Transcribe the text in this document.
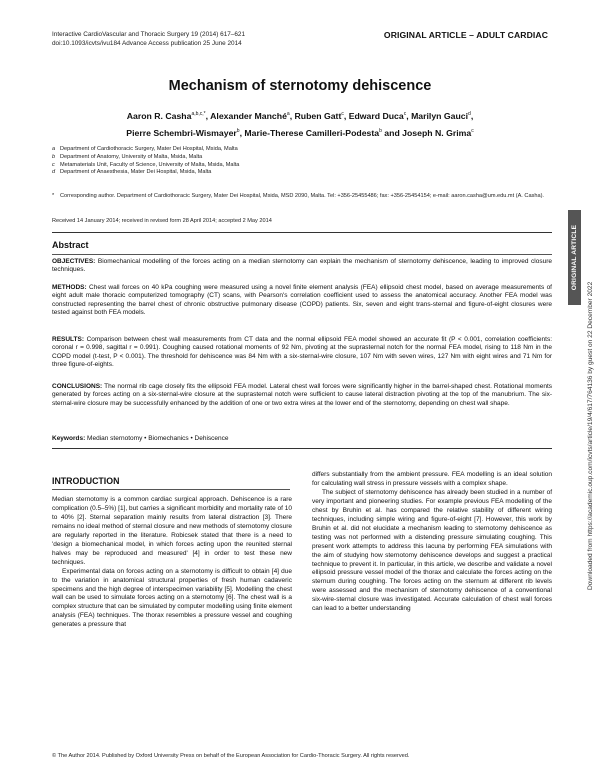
Interactive CardioVascular and Thoracic Surgery 19 (2014) 617–621
doi:10.1093/icvts/ivu184 Advance Access publication 25 June 2014
ORIGINAL ARTICLE – ADULT CARDIAC
Mechanism of sternotomy dehiscence
Aaron R. Casha$^{a,b,c,*}$, Alexander Manché$^a$, Ruben Gatt$^c$, Edward Duca$^c$, Marilyn Gauci$^d$,
Pierre Schembri-Wismayer$^b$, Marie-Therese Camilleri-Podesta$^b$ and Joseph N. Grima$^c$
a Department of Cardiothoracic Surgery, Mater Dei Hospital, Msida, Malta
b Department of Anatomy, University of Malta, Msida, Malta
c Metamaterials Unit, Faculty of Science, University of Malta, Msida, Malta
d Department of Anaesthesia, Mater Dei Hospital, Msida, Malta
*	Corresponding author. Department of Cardiothoracic Surgery, Mater Dei Hospital, Msida, MSD 2090, Malta. Tel: +356-25455486; fax: +356-25454154; e-mail: aaron.casha@um.edu.mt (A. Casha).
Received 14 January 2014; received in revised form 28 April 2014; accepted 2 May 2014
Abstract
OBJECTIVES: Biomechanical modelling of the forces acting on a median sternotomy can explain the mechanism of sternotomy dehiscence, leading to improved closure techniques.
METHODS: Chest wall forces on 40 kPa coughing were measured using a novel finite element analysis (FEA) ellipsoid chest model, based on average measurements of eight adult male thoracic computerized tomography (CT) scans, with Pearson's correlation coefficient used to assess the anatomical accuracy. Another FEA model was constructed representing the barrel chest of chronic obstructive pulmonary disease (COPD) patients. Six, seven and eight trans-sternal and figure-of-eight closures were tested against both FEA models.
RESULTS: Comparison between chest wall measurements from CT data and the normal ellipsoid FEA model showed an accurate fit (P < 0.001, correlation coefficients: coronal r = 0.998, sagittal r = 0.991). Coughing caused rotational moments of 92 Nm, pivoting at the suprasternal notch for the normal FEA model, rising to 118 Nm in the COPD model (t-test, P < 0.001). The threshold for dehiscence was 84 Nm with a six-sternal-wire closure, 107 Nm with seven wires, 127 Nm with eight wires and 71 Nm for three figure-of-eights.
CONCLUSIONS: The normal rib cage closely fits the ellipsoid FEA model. Lateral chest wall forces were significantly higher in the barrel-shaped chest. Rotational moments generated by forces acting on a six-sternal-wire closure at the suprasternal notch were sufficient to cause lateral distraction pivoting at the top of the manubrium. The six-sternal-wire closure may be successfully enhanced by the addition of one or two extra wires at the lower end of the sternotomy, depending on chest wall shape.
Keywords: Median sternotomy • Biomechanics • Dehiscence
INTRODUCTION

Median sternotomy is a common cardiac surgical approach. Dehiscence is a rare complication (0.5–5%) [1], but carries a significant morbidity and mortality rate of 10 to 40% [2]. Sternal separation mainly results from lateral distraction [3]. There remains no ideal method of sternal closure and new methods of sternotomy closure are regularly reported in the literature. Robicsek stated that there is a need to 'design a biomechanical model, in which forces acting upon the reunited sternal halves may be reproduced and measured' [4] in order to test these new techniques.

Experimental data on forces acting on a sternotomy is difficult to obtain [4] due to the variation in anatomical structural properties of fresh human cadaveric specimens and the high degree of interspecimen variability [5]. Modelling the chest wall can be used to simulate forces acting on a sternotomy [6]. The chest wall is a complex structure that can be simulated by computer modelling using finite element analysis (FEA) techniques. The thorax resembles a pressure vessel and coughing generates a pressure that

differs substantially from the ambient pressure. FEA modelling is an ideal solution for calculating wall stress in pressure vessels with a complex shape.

The subject of sternotomy dehiscence has already been studied in a number of very important and pioneering studies. For example previous FEA modelling of the chest by Bruhin et al. has compared the relative stability of different wiring techniques, including simple wiring and figure-of-eight [7]. However, this work by Bruhin et al. did not elucidate a mechanism leading to sternotomy dehiscence as testing was not performed with a distending pressure simulating coughing. This present work attempts to address this lacuna by performing FEA simulations with the aim of studying how sternotomy dehiscence develops and suggest a practical technique to prevent it. In particular, in this article, we describe and validate a novel ellipsoid pressure vessel model of the thorax and calculate the forces acting on the sternum during coughing. The forces acting on the sternum at different rib levels were assessed and the mechanism of sternotomy dehiscence of a conventional six-wire-sternal closure was investigated. Accurate calculation of chest wall forces can lead to a better understanding

© The Author 2014. Published by Oxford University Press on behalf of the European Association for Cardio-Thoracic Surgery. All rights reserved.
ORIGINAL ARTICLE
Downloaded from https://academic.oup.com/icvts/article/19/4/617/764136 by guest on 22 December 2022
